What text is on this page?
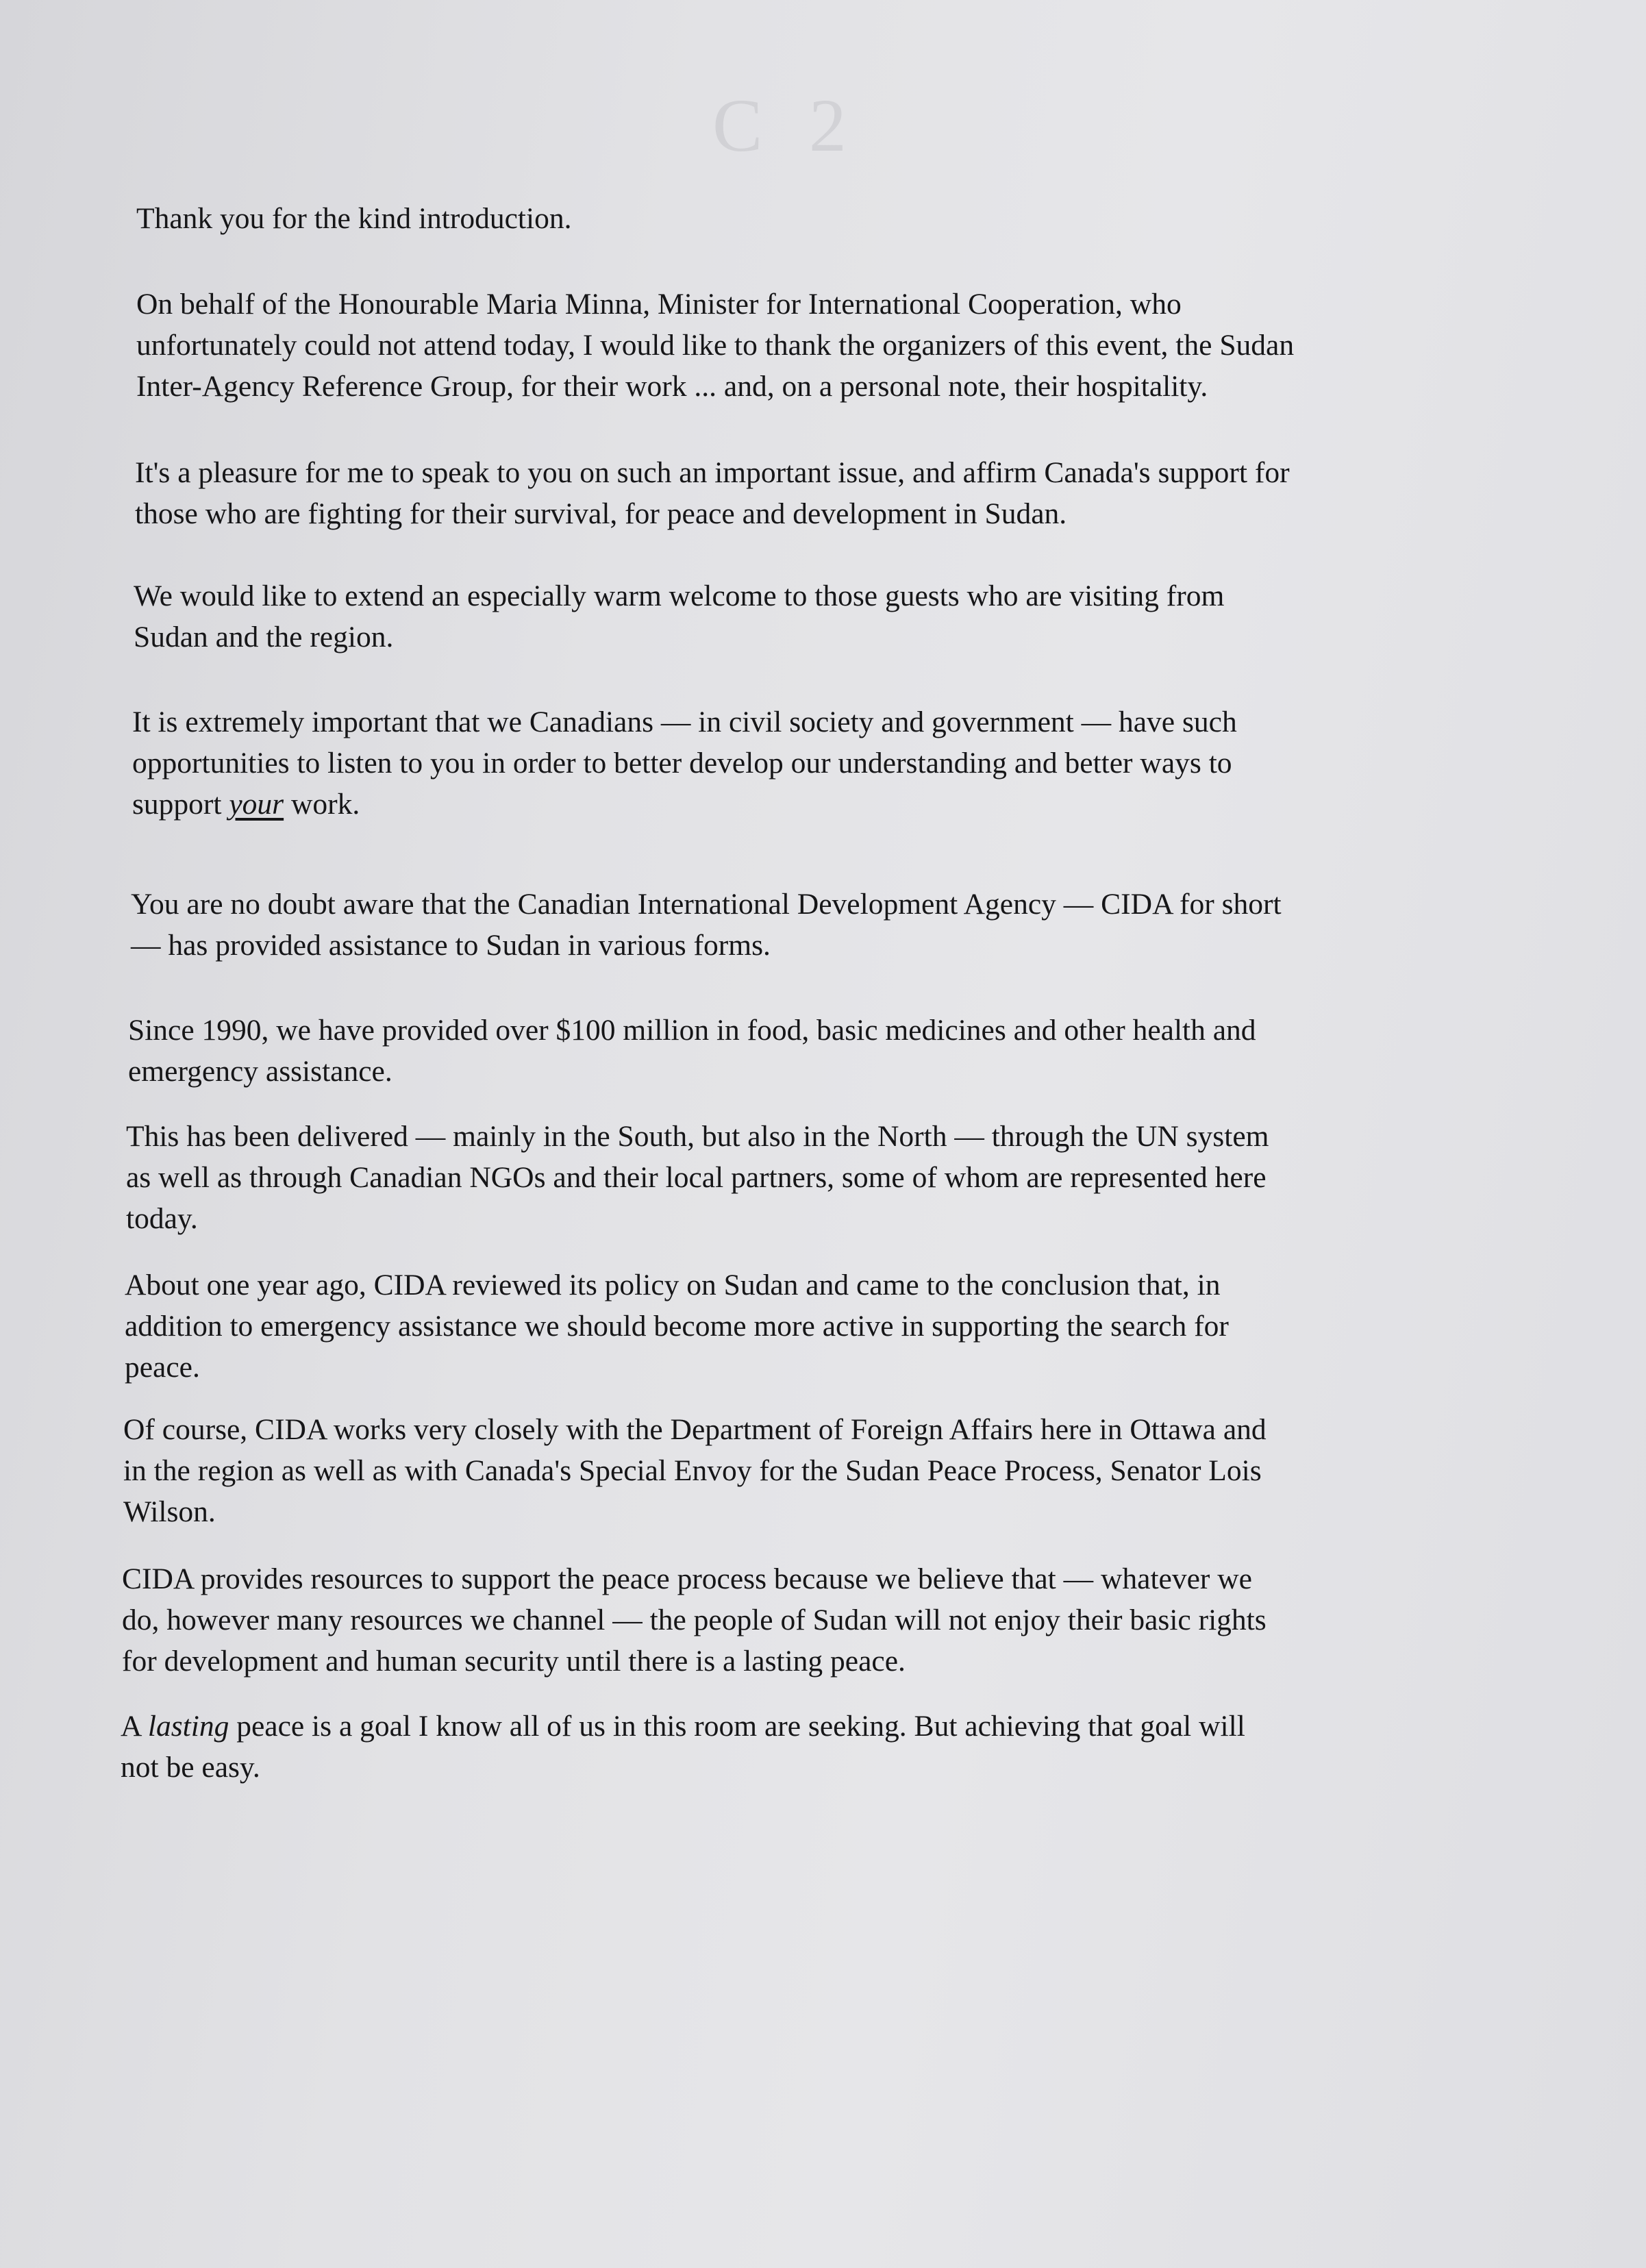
C 2

Thank you for the kind introduction.

On behalf of the Honourable Maria Minna, Minister for International Cooperation, who
unfortunately could not attend today, I would like to thank the organizers of this event, the Sudan
Inter-Agency Reference Group, for their work ... and, on a personal note, their hospitality.

It's a pleasure for me to speak to you on such an important issue, and affirm Canada's support for
those who are fighting for their survival, for peace and development in Sudan.

We would like to extend an especially warm welcome to those guests who are visiting from
Sudan and the region.

It is extremely important that we Canadians — in civil society and government — have such
opportunities to listen to you in order to better develop our understanding and better ways to
support your work.

You are no doubt aware that the Canadian International Development Agency — CIDA for short
— has provided assistance to Sudan in various forms.

Since 1990, we have provided over $100 million in food, basic medicines and other health and
emergency assistance.

This has been delivered — mainly in the South, but also in the North — through the UN system
as well as through Canadian NGOs and their local partners, some of whom are represented here
today.

About one year ago, CIDA reviewed its policy on Sudan and came to the conclusion that, in
addition to emergency assistance we should become more active in supporting the search for
peace.

Of course, CIDA works very closely with the Department of Foreign Affairs here in Ottawa and
in the region as well as with Canada's Special Envoy for the Sudan Peace Process, Senator Lois
Wilson.

CIDA provides resources to support the peace process because we believe that — whatever we
do, however many resources we channel — the people of Sudan will not enjoy their basic rights
for development and human security until there is a lasting peace.

A lasting peace is a goal I know all of us in this room are seeking. But achieving that goal will
not be easy.
